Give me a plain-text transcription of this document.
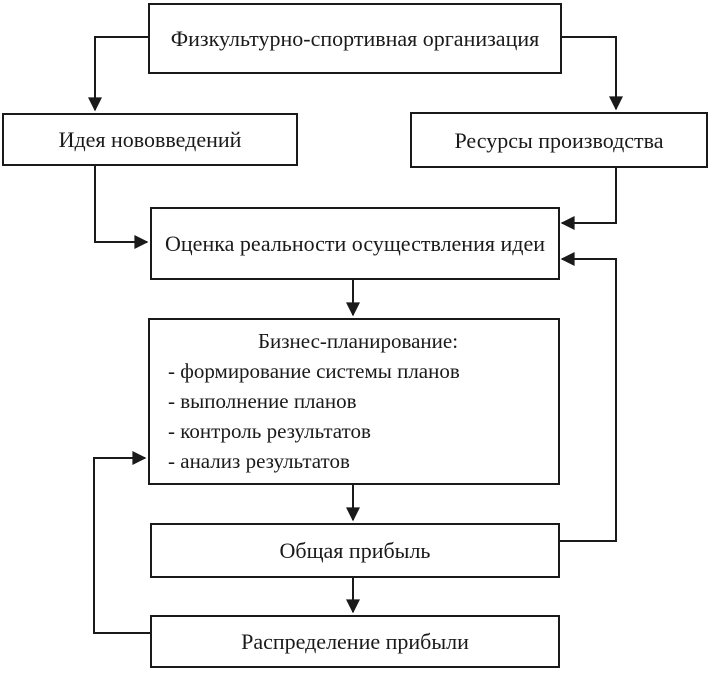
Физкультурно-спортивная организация
Идея нововведений	Ресурсы производства
Оценка реальности осуществления идеи
Бизнес-планирование:
- формирование системы планов
- выполнение планов
- контроль результатов
- анализ результатов
Общая прибыль
Распределение прибыли
